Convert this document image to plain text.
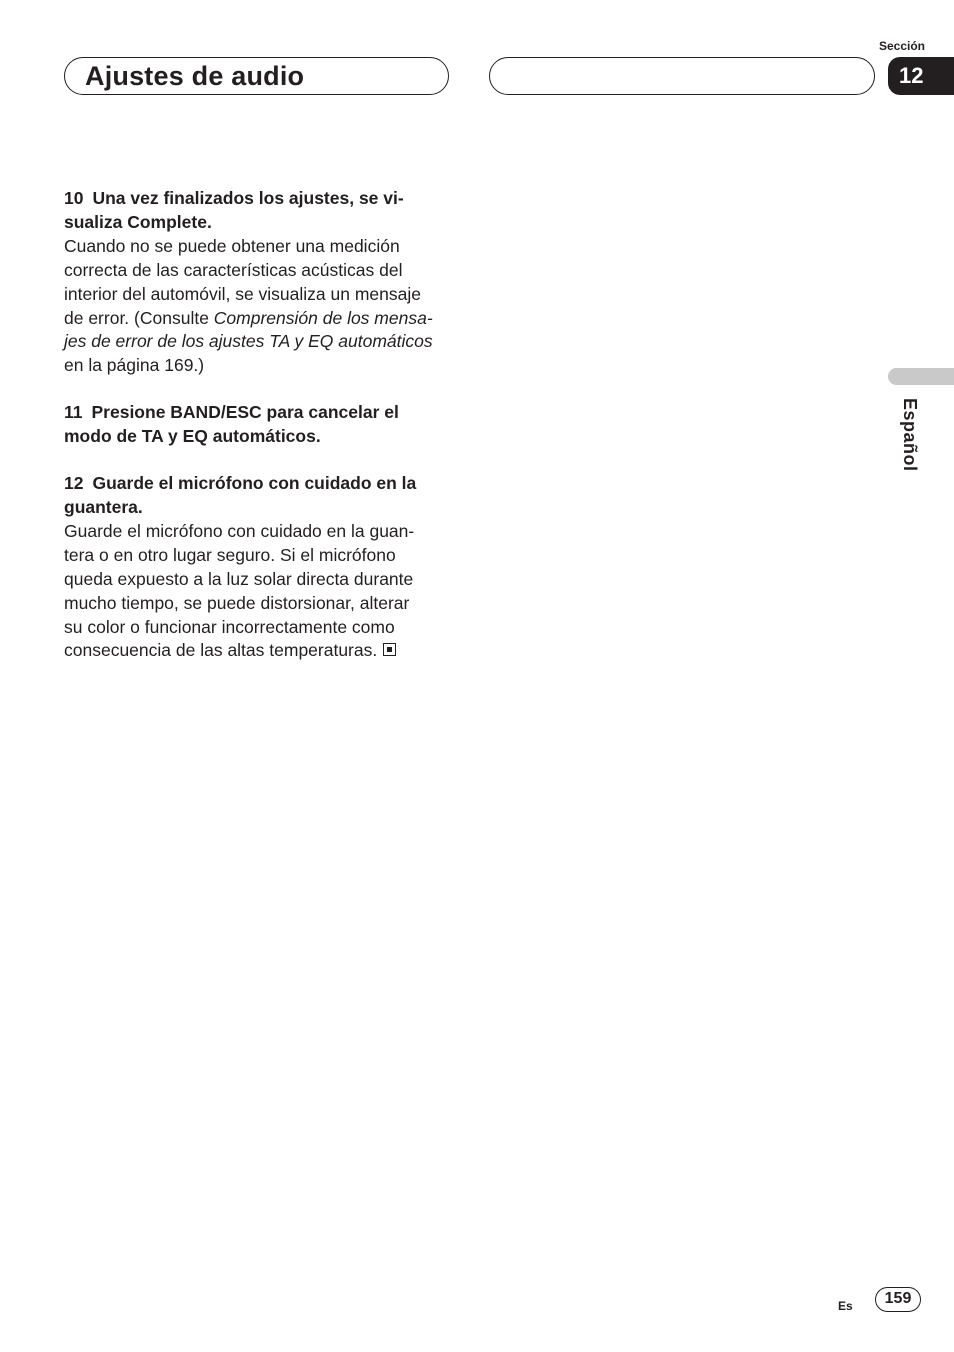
Ajustes de audio
Sección
12
Español

10 Una vez finalizados los ajustes, se vi-

sualiza Complete.

Cuando no se puede obtener una medición

correcta de las características acústicas del

interior del automóvil, se visualiza un mensaje

de error. (Consulte Comprensión de los mensa-

jes de error de los ajustes TA y EQ automáticos

en la página 169.)

11 Presione BAND/ESC para cancelar el

modo de TA y EQ automáticos.

12 Guarde el micrófono con cuidado en la

guantera.

Guarde el micrófono con cuidado en la guan-

tera o en otro lugar seguro. Si el micrófono

queda expuesto a la luz solar directa durante

mucho tiempo, se puede distorsionar, alterar

su color o funcionar incorrectamente como

consecuencia de las altas temperaturas.

Es	159
